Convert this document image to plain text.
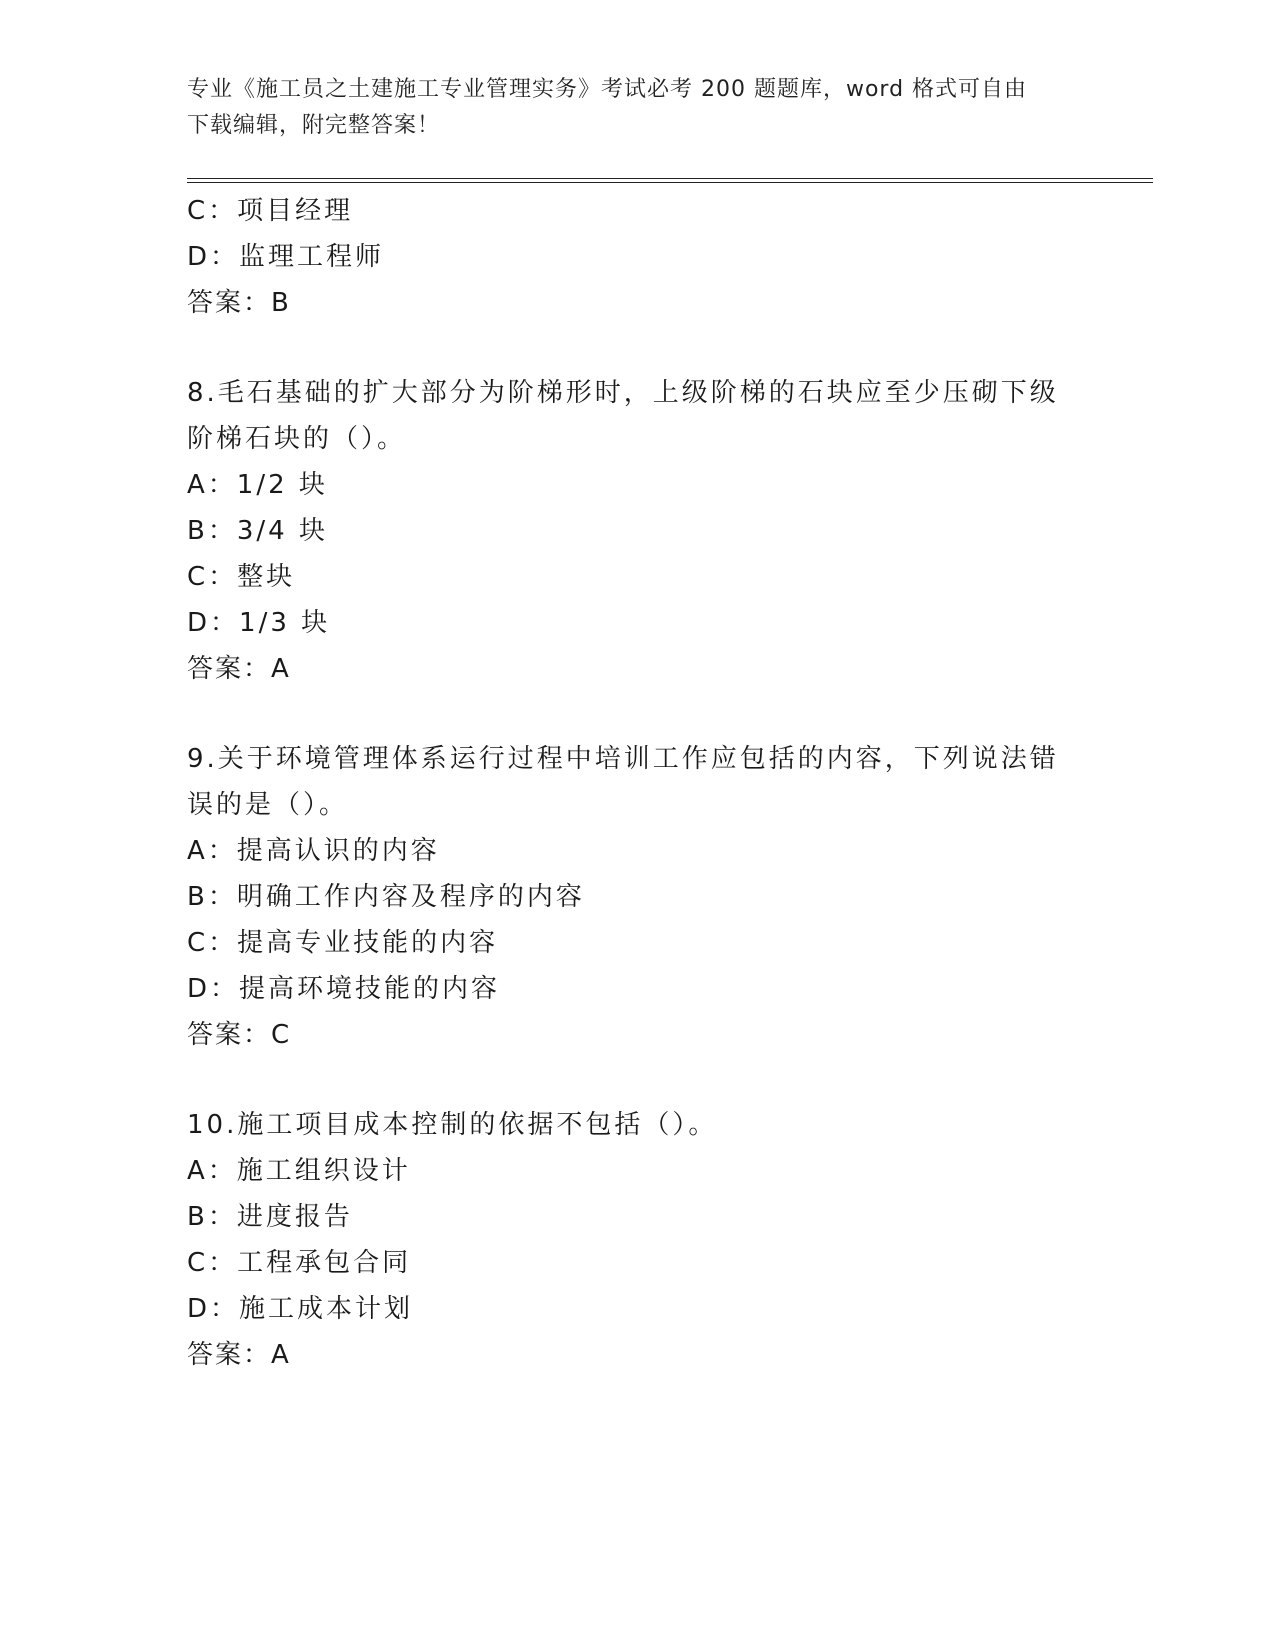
专业《施工员之土建施工专业管理实务》考试必考 200 题题库，word 格式可自由
下载编辑，附完整答案！
C：项目经理
D：监理工程师
答案：B
8.毛石基础的扩大部分为阶梯形时，上级阶梯的石块应至少压砌下级
阶梯石块的（）。
A：1/2 块
B：3/4 块
C：整块
D：1/3 块
答案：A
9.关于环境管理体系运行过程中培训工作应包括的内容，下列说法错
误的是（）。
A：提高认识的内容
B：明确工作内容及程序的内容
C：提高专业技能的内容
D：提高环境技能的内容
答案：C
10.施工项目成本控制的依据不包括（）。
A：施工组织设计
B：进度报告
C：工程承包合同
D：施工成本计划
答案：A
